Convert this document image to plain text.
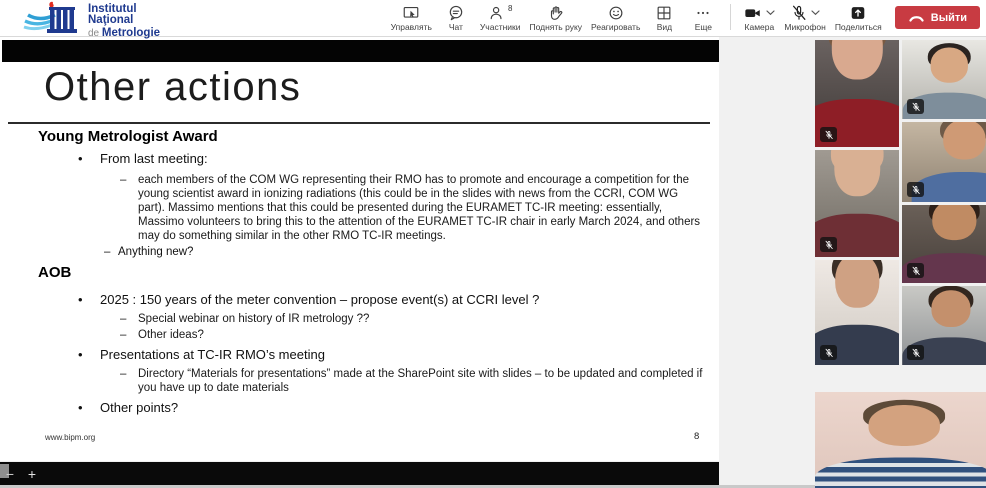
Institutul
Naţional
de Metrologie	Управлять Чат
8
Участники Поднять руку Реагировать Вид	Еще	Камера Микрофон Поделиться
Выйти
Other actions
Young Metrologist Award
• From last meeting:
– each members of the COM WG representing their RMO has to promote and encourage a competition for the young scientist award in ionizing radiations (this could be in the slides with news from the CCRI, COM WG part). Massimo mentions that this could be presented during the EURAMET TC-IR meeting: essentially, Massimo volunteers to bring this to the attention of the EURAMET TC-IR chair in early March 2024, and others may do something similar in the other RMO TC-IR meetings.
– Anything new?
AOB
• 2025 : 150 years of the meter convention – propose event(s) at CCRI level ?
– Special webinar on history of IR metrology ??
– Other ideas?
• Presentations at TC-IR RMO’s meeting
– Directory “Materials for presentations” made at the SharePoint site with slides – to be updated and completed if you have up to date materials
• Other points?
www.bipm.org	8
− +
